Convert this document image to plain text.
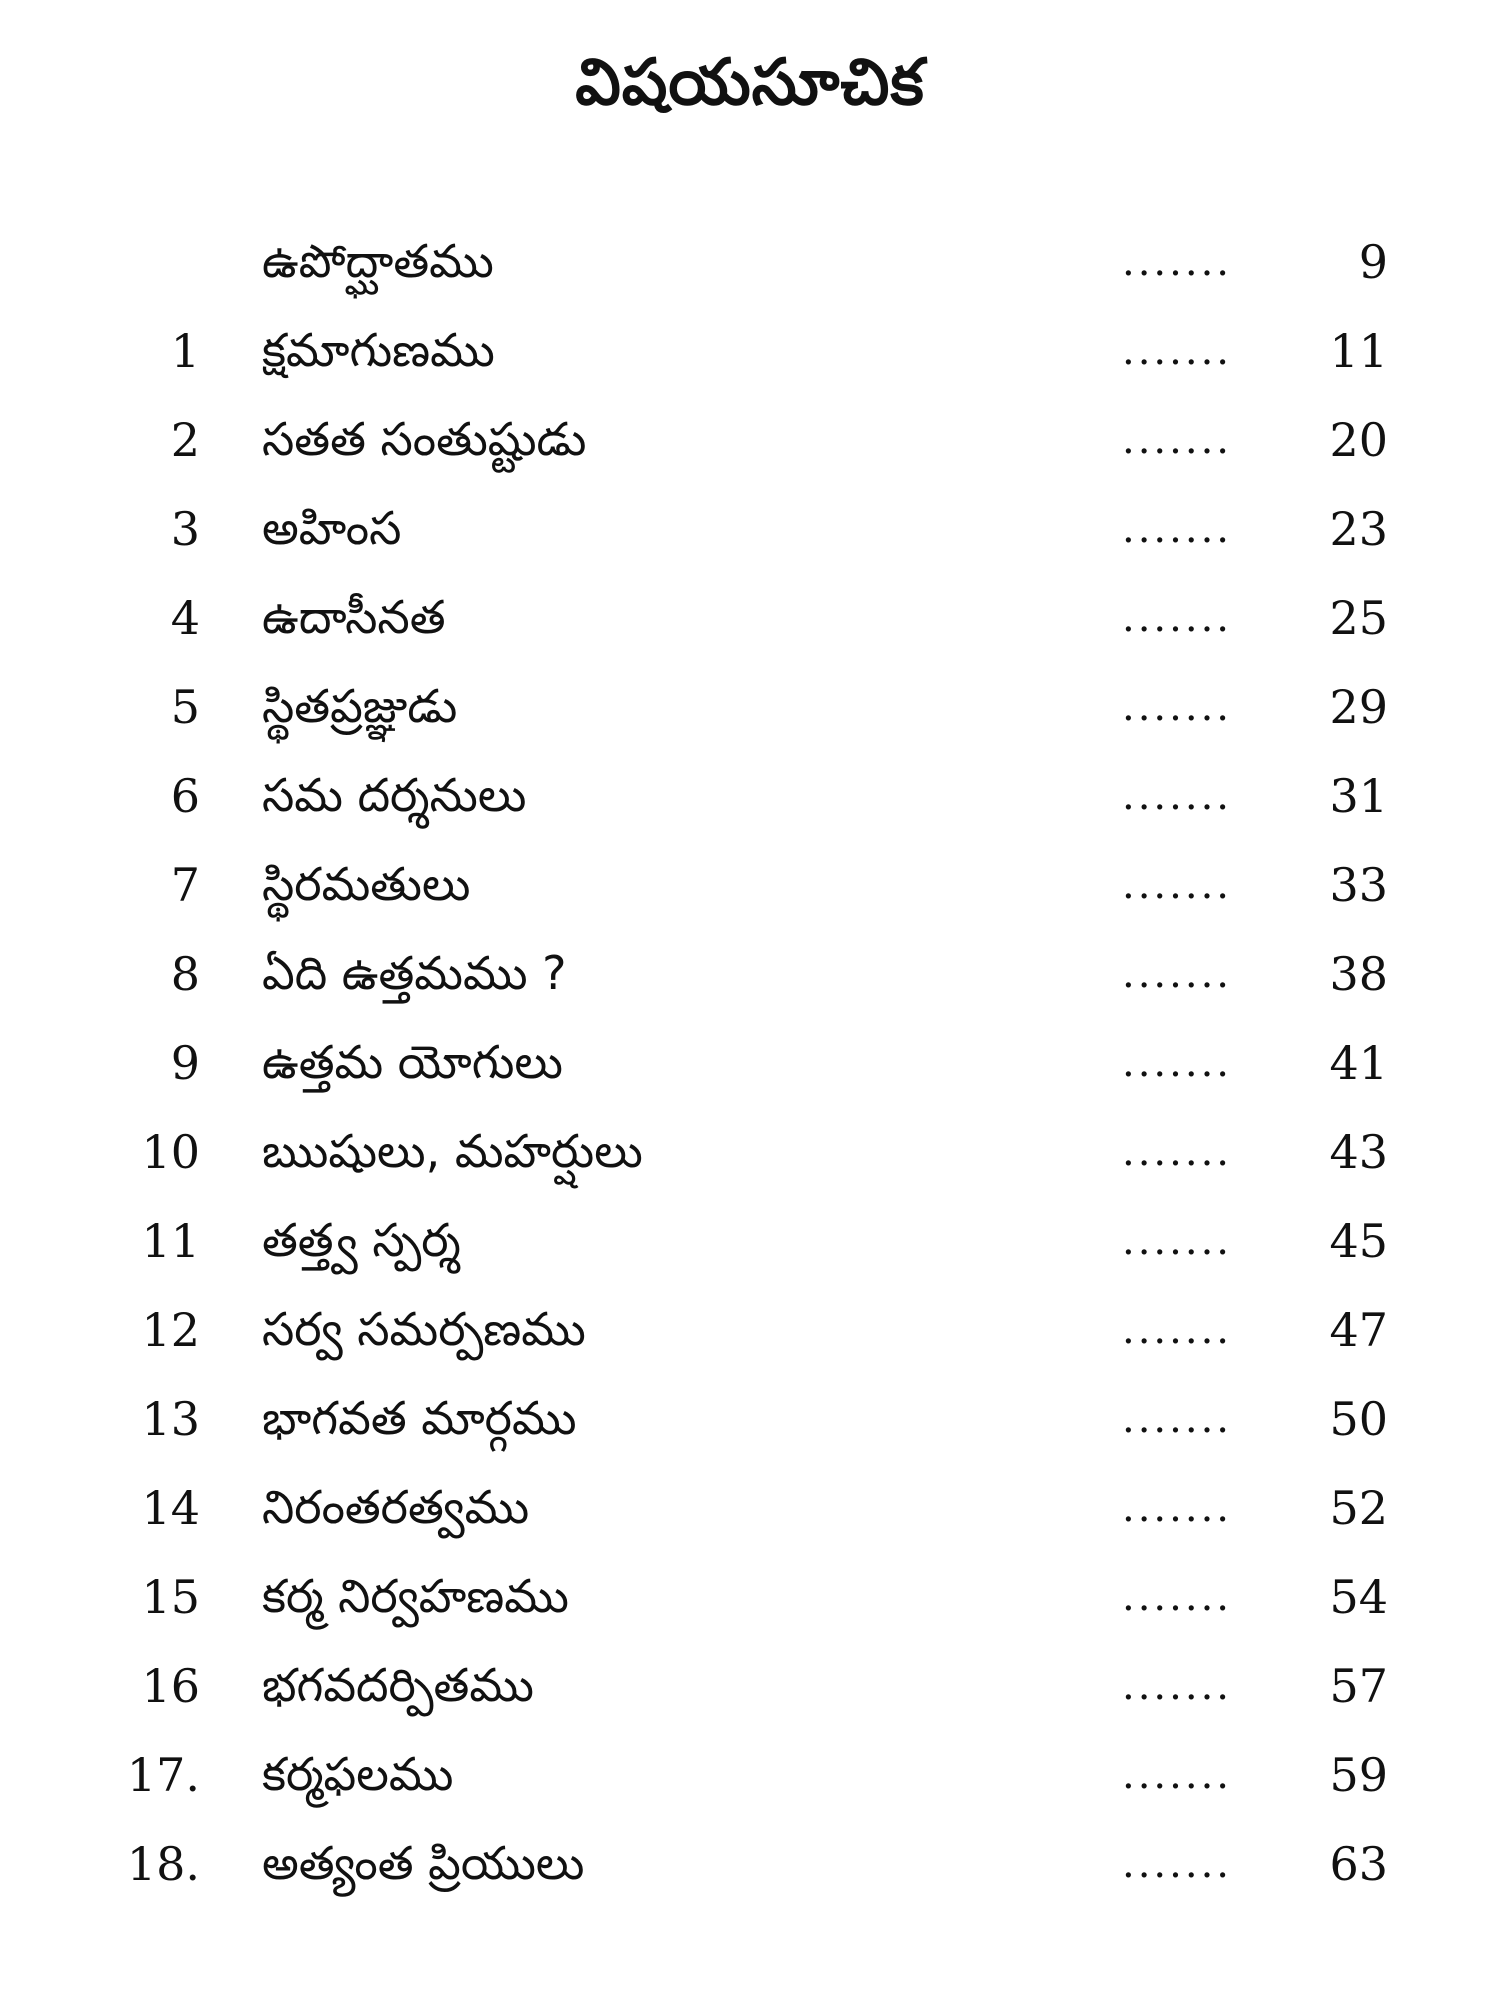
విషయసూచిక
ఉపోద్ఘాతము	.......	9
1 క్షమాగుణము	.......	11
2 సతత సంతుష్టుడు	.......	20
3 అహింస	.......	23
4 ఉదాసీనత	.......	25
5 స్థితప్రజ్ఞుడు	.......	29
6 సమ దర్శనులు	.......	31
7 స్థిరమతులు	.......	33
8 ఏది ఉత్తమము ?	.......	38
9 ఉత్తమ యోగులు	.......	41
10 ఋషులు, మహర్షులు	.......	43
11 తత్త్వ స్పర్శ	.......	45
12 సర్వ సమర్పణము	.......	47
13 భాగవత మార్గము	.......	50
14 నిరంతరత్వము	.......	52
15 కర్మ నిర్వహణము	.......	54
16 భగవదర్పితము	.......	57
17. కర్మఫలము	.......	59
18. అత్యంత ప్రియులు	.......	63
